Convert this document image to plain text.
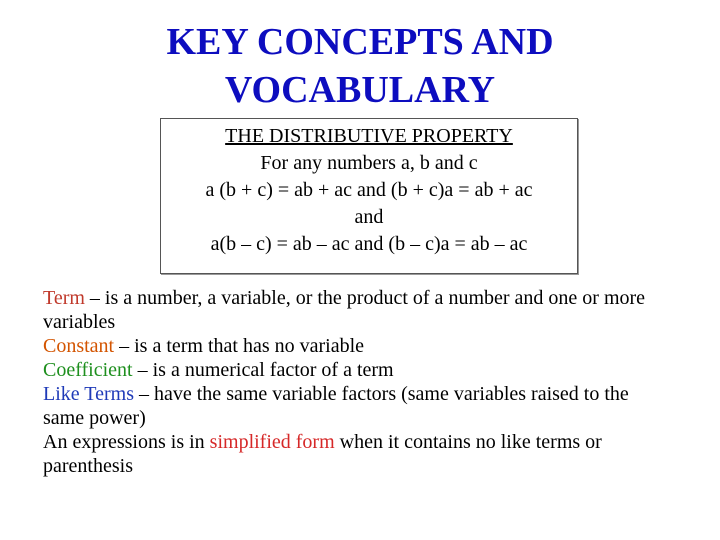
KEY CONCEPTS AND
VOCABULARY
THE DISTRIBUTIVE PROPERTY
For any numbers a, b and c
a (b + c) = ab + ac and (b + c)a = ab + ac
and
a(b – c) = ab – ac and (b – c)a = ab – ac

Term – is a number, a variable, or the product of a number and one or more variables

Constant – is a term that has no variable

Coefficient – is a numerical factor of a term

Like Terms – have the same variable factors (same variables raised to the same power)

An expressions is in simplified form when it contains no like terms or parenthesis
